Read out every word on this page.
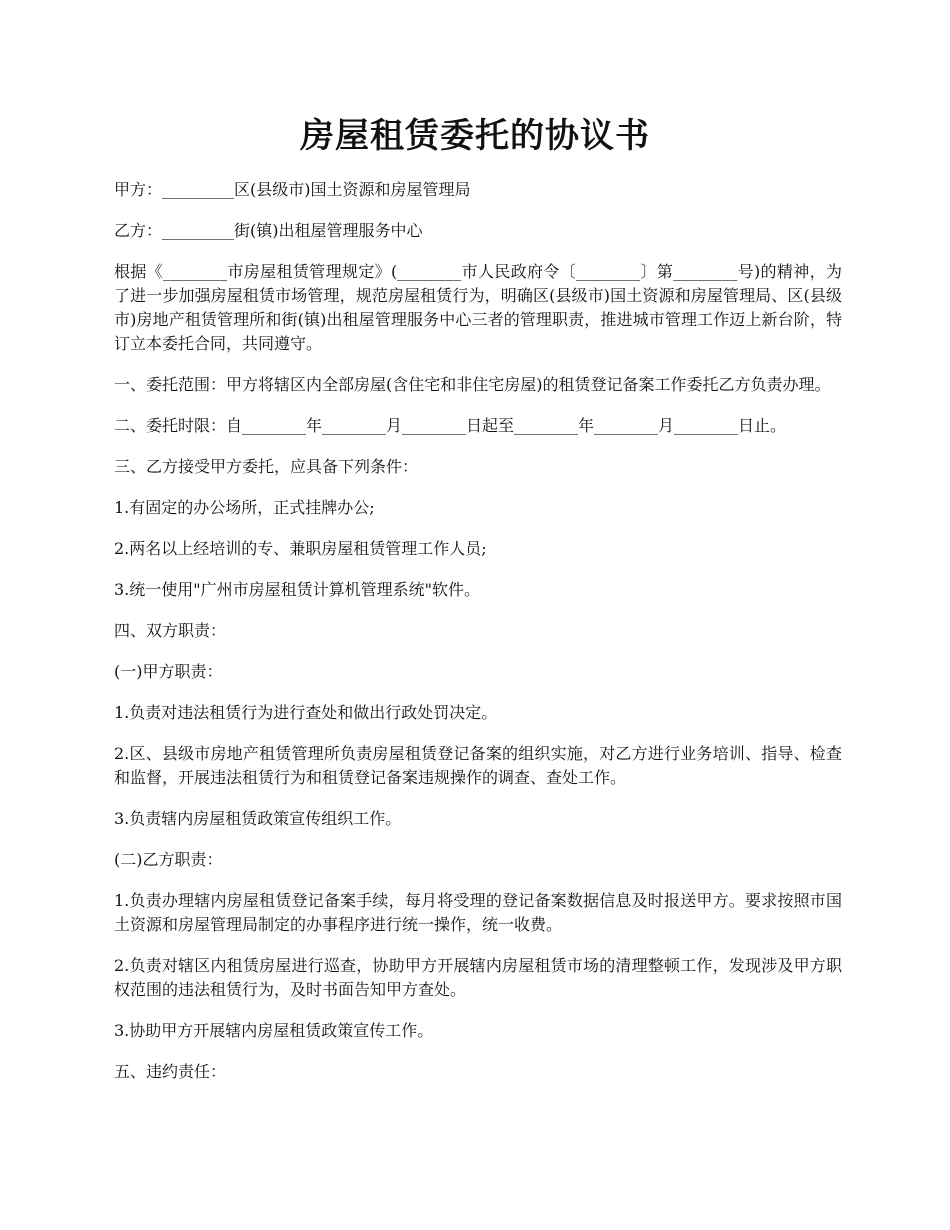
房屋租赁委托的协议书

甲方：_________区(县级市)国土资源和房屋管理局

乙方：_________街(镇)出租屋管理服务中心

根据《________市房屋租赁管理规定》(________市人民政府令〔________〕第________号)的精神，为了进一步加强房屋租赁市场管理，规范房屋租赁行为，明确区(县级市)国土资源和房屋管理局、区(县级市)房地产租赁管理所和街(镇)出租屋管理服务中心三者的管理职责，推进城市管理工作迈上新台阶，特订立本委托合同，共同遵守。

一、委托范围：甲方将辖区内全部房屋(含住宅和非住宅房屋)的租赁登记备案工作委托乙方负责办理。

二、委托时限：自________年________月________日起至________年________月________日止。

三、乙方接受甲方委托，应具备下列条件：

1.有固定的办公场所，正式挂牌办公;

2.两名以上经培训的专、兼职房屋租赁管理工作人员;

3.统一使用"广州市房屋租赁计算机管理系统"软件。

四、双方职责：

(一)甲方职责：

1.负责对违法租赁行为进行查处和做出行政处罚决定。

2.区、县级市房地产租赁管理所负责房屋租赁登记备案的组织实施，对乙方进行业务培训、指导、检查和监督，开展违法租赁行为和租赁登记备案违规操作的调查、查处工作。

3.负责辖内房屋租赁政策宣传组织工作。

(二)乙方职责：

1.负责办理辖内房屋租赁登记备案手续，每月将受理的登记备案数据信息及时报送甲方。要求按照市国土资源和房屋管理局制定的办事程序进行统一操作，统一收费。

2.负责对辖区内租赁房屋进行巡查，协助甲方开展辖内房屋租赁市场的清理整顿工作，发现涉及甲方职权范围的违法租赁行为，及时书面告知甲方查处。

3.协助甲方开展辖内房屋租赁政策宣传工作。

五、违约责任：
